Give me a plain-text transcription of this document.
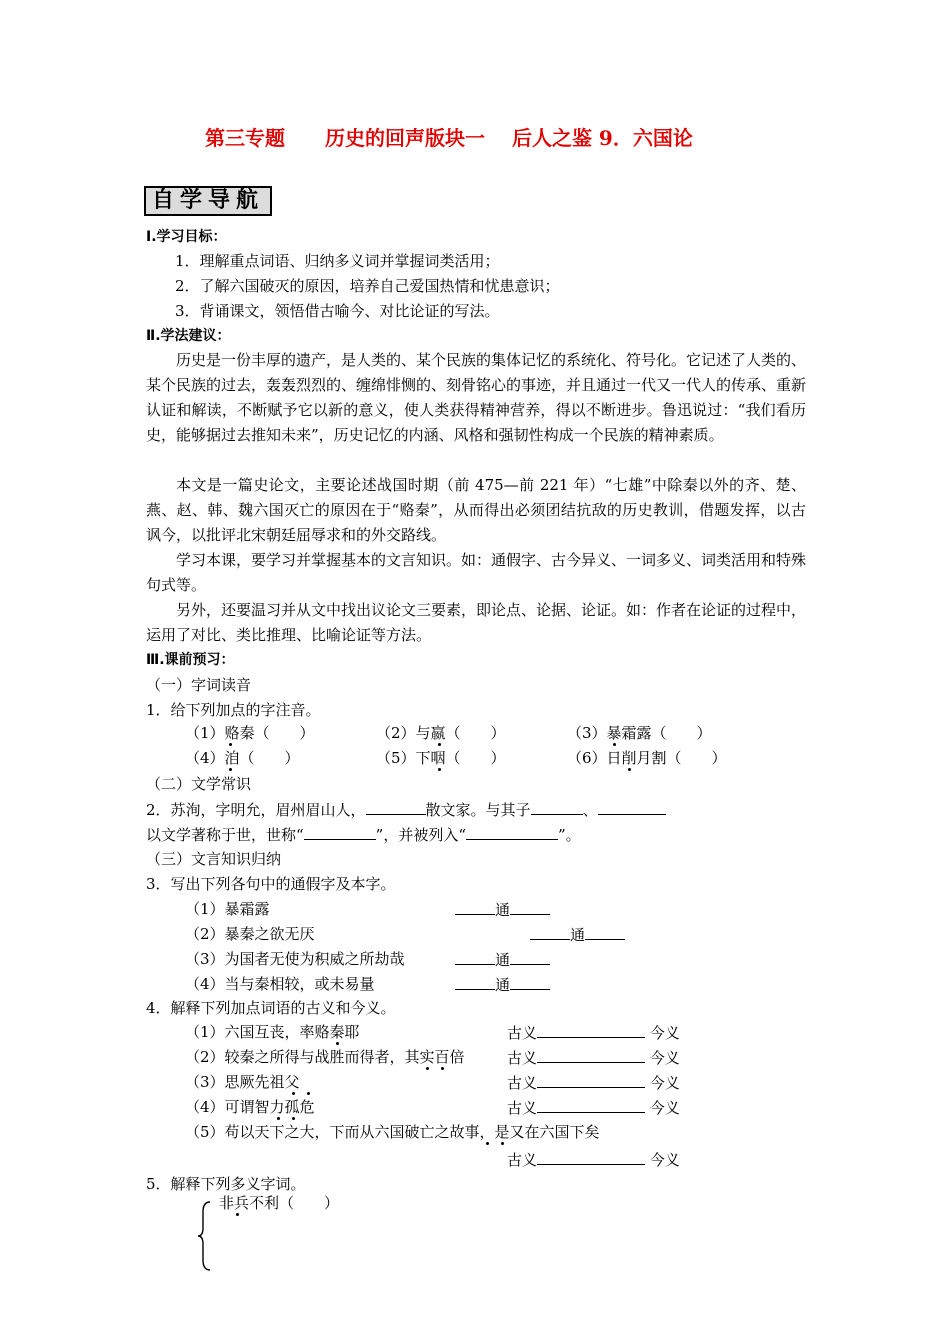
第三专题　　历史的回声版块一　 后人之鉴 9．六国论
自学导航
Ⅰ.学习目标：
1．理解重点词语、归纳多义词并掌握词类活用；
2．了解六国破灭的原因，培养自己爱国热情和忧患意识；
3．背诵课文，领悟借古喻今、对比论证的写法。
Ⅱ.学法建议：
历史是一份丰厚的遗产，是人类的、某个民族的集体记忆的系统化、符号化。它记述了人类的、某个民族的过去，轰轰烈烈的、缠绵悱恻的、刻骨铭心的事迹，并且通过一代又一代人的传承、重新认证和解读，不断赋予它以新的意义，使人类获得精神营养，得以不断进步。鲁迅说过：“我们看历史，能够据过去推知未来”，历史记忆的内涵、风格和强韧性构成一个民族的精神素质。
本文是一篇史论文，主要论述战国时期（前 475—前 221 年）“七雄”中除秦以外的齐、楚、燕、赵、韩、魏六国灭亡的原因在于“赂秦”，从而得出必须团结抗敌的历史教训，借题发挥，以古讽今，以批评北宋朝廷屈辱求和的外交路线。
学习本课，要学习并掌握基本的文言知识。如：通假字、古今异义、一词多义、词类活用和特殊句式等。
另外，还要温习并从文中找出议论文三要素，即论点、论据、论证。如：作者在论证的过程中，运用了对比、类比推理、比喻论证等方法。
Ⅲ.课前预习：
（一）字词读音
1．给下列加点的字注音。
（1）赂秦（　　）	（2）与嬴（　　）	（3）暴霜露（　　）
（4）洎（　　）	（5）下咽（　　）	（6）日削月割（　　）
（二）文学常识
2．苏洵，字明允，眉州眉山人，	散文家。与其子	、
以文学著称于世，世称“	”，并被列入“	”。
（三）文言知识归纳
3．写出下列各句中的通假字及本字。
（1）暴霜露	通
（2）暴秦之欲无厌	通
（3）为国者无使为积威之所劫哉	通
（4）当与秦相较，或未易量	通
4．解释下列加点词语的古义和今义。
（1）六国互丧，率赂秦耶	古义	今义
（2）较秦之所得与战胜而得者，其实百倍	古义	今义
（3）思厥先祖父	古义	今义
（4）可谓智力孤危	古义	今义
（5）苟以天下之大，下而从六国破亡之故事，是又在六国下矣
古义	今义
5．解释下列多义字词。
非兵不利（　　）
